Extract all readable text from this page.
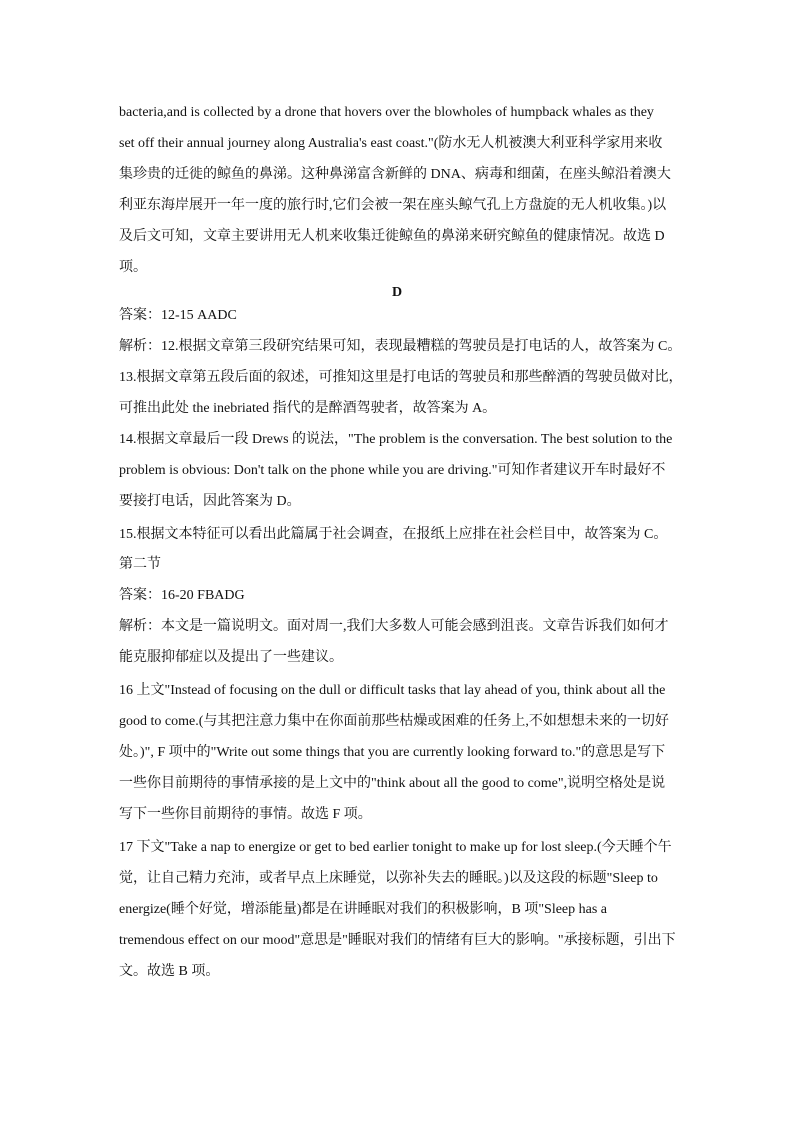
bacteria,and is collected by a drone that hovers over the blowholes of humpback whales as they
set off their annual journey along Australia's east coast."(防水无人机被澳大利亚科学家用来收
集珍贵的迁徙的鲸鱼的鼻涕。这种鼻涕富含新鲜的 DNA、病毒和细菌，在座头鲸沿着澳大
利亚东海岸展开一年一度的旅行时,它们会被一架在座头鲸气孔上方盘旋的无人机收集。)以
及后文可知，文章主要讲用无人机来收集迁徙鲸鱼的鼻涕来研究鲸鱼的健康情况。故选 D
项。
D
答案：12-15 AADC
解析：12.根据文章第三段研究结果可知，表现最糟糕的驾驶员是打电话的人，故答案为 C。
13.根据文章第五段后面的叙述，可推知这里是打电话的驾驶员和那些醉酒的驾驶员做对比，
可推出此处 the inebriated 指代的是醉酒驾驶者，故答案为 A。
14.根据文章最后一段 Drews 的说法，"The problem is the conversation. The best solution to the
problem is obvious: Don't talk on the phone while you are driving."可知作者建议开车时最好不
要接打电话，因此答案为 D。
15.根据文本特征可以看出此篇属于社会调查，在报纸上应排在社会栏目中，故答案为 C。
第二节
答案：16-20 FBADG
解析：本文是一篇说明文。面对周一,我们大多数人可能会感到沮丧。文章告诉我们如何才
能克服抑郁症以及提出了一些建议。
16 上文"Instead of focusing on the dull or difficult tasks that lay ahead of you, think about all the
good to come.(与其把注意力集中在你面前那些枯燥或困难的任务上,不如想想未来的一切好
处。)", F 项中的"Write out some things that you are currently looking forward to."的意思是写下
一些你目前期待的事情承接的是上文中的"think about all the good to come",说明空格处是说
写下一些你目前期待的事情。故选 F 项。
17 下文"Take a nap to energize or get to bed earlier tonight to make up for lost sleep.(今天睡个午
觉，让自己精力充沛，或者早点上床睡觉，以弥补失去的睡眠。)以及这段的标题"Sleep to
energize(睡个好觉，增添能量)都是在讲睡眠对我们的积极影响，B 项"Sleep has a
tremendous effect on our mood"意思是"睡眠对我们的情绪有巨大的影响。"承接标题，引出下
文。故选 B 项。
